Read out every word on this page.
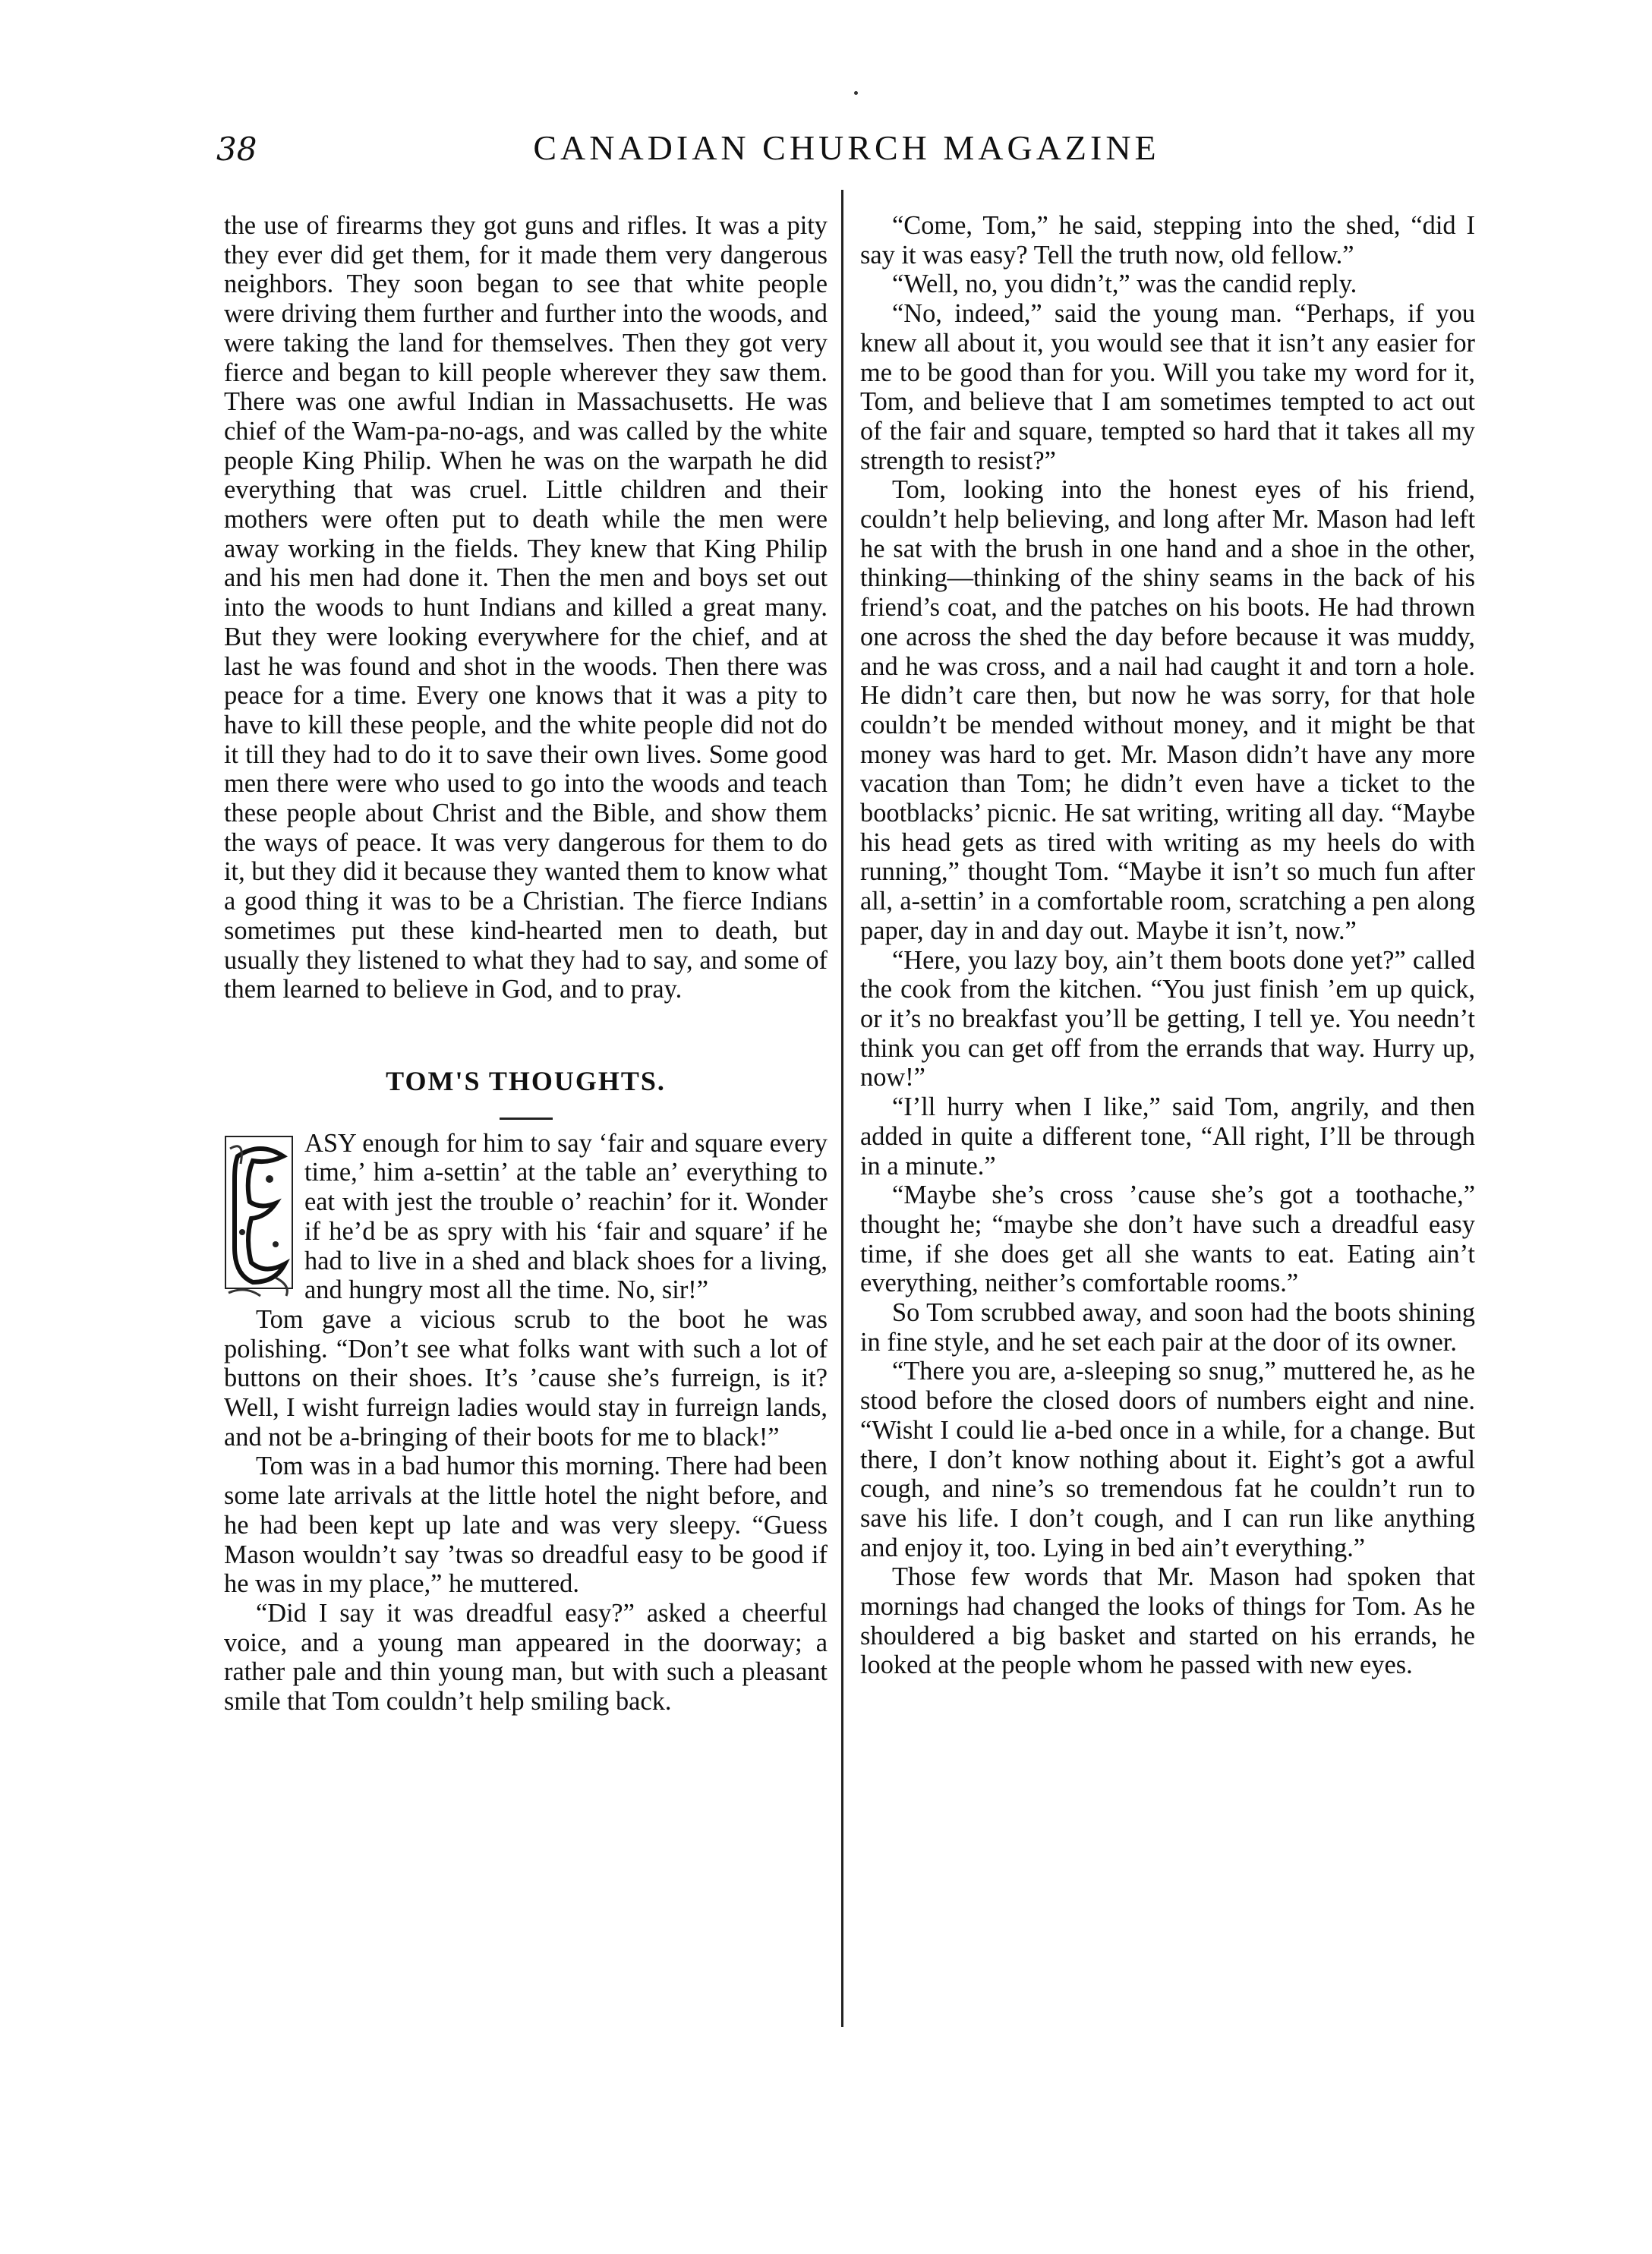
38	CANADIAN CHURCH MAGAZINE

the use of firearms they got guns and rifles. It was a pity they ever did get them, for it made them very dangerous neighbors. They soon began to see that white people were driving them further and further into the woods, and were taking the land for themselves. Then they got very fierce and began to kill people wherever they saw them. There was one awful Indian in Massachusetts. He was chief of the Wam-pa-no-ags, and was called by the white people King Philip. When he was on the warpath he did everything that was cruel. Little children and their mothers were often put to death while the men were away working in the fields. They knew that King Philip and his men had done it. Then the men and boys set out into the woods to hunt Indians and killed a great many. But they were looking everywhere for the chief, and at last he was found and shot in the woods. Then there was peace for a time. Every one knows that it was a pity to have to kill these people, and the white people did not do it till they had to do it to save their own lives. Some good men there were who used to go into the woods and teach these people about Christ and the Bible, and show them the ways of peace. It was very dangerous for them to do it, but they did it because they wanted them to know what a good thing it was to be a Christian. The fierce Indians sometimes put these kind-hearted men to death, but usually they listened to what they had to say, and some of them learned to believe in God, and to pray.

TOM'S THOUGHTS.

ASY enough for him to say ‘fair and square every time,’ him a-settin’ at the table an’ everything to eat with jest the trouble o’ reachin’ for it. Wonder if he’d be as spry with his ‘fair and square’ if he had to live in a shed and black shoes for a living, and hungry most all the time. No, sir!”

Tom gave a vicious scrub to the boot he was polishing. “Don’t see what folks want with such a lot of buttons on their shoes. It’s ’cause she’s furreign, is it? Well, I wisht furreign ladies would stay in furreign lands, and not be a-bringing of their boots for me to black!”

Tom was in a bad humor this morning. There had been some late arrivals at the little hotel the night before, and he had been kept up late and was very sleepy. “Guess Mason wouldn’t say ’twas so dreadful easy to be good if he was in my place,” he muttered.

“Did I say it was dreadful easy?” asked a cheerful voice, and a young man appeared in the doorway; a rather pale and thin young man, but with such a pleasant smile that Tom couldn’t help smiling back.

“Come, Tom,” he said, stepping into the shed, “did I say it was easy? Tell the truth now, old fellow.”

“Well, no, you didn’t,” was the candid reply.

“No, indeed,” said the young man. “Perhaps, if you knew all about it, you would see that it isn’t any easier for me to be good than for you. Will you take my word for it, Tom, and believe that I am sometimes tempted to act out of the fair and square, tempted so hard that it takes all my strength to resist?”

Tom, looking into the honest eyes of his friend, couldn’t help believing, and long after Mr. Mason had left he sat with the brush in one hand and a shoe in the other, thinking—thinking of the shiny seams in the back of his friend’s coat, and the patches on his boots. He had thrown one across the shed the day before because it was muddy, and he was cross, and a nail had caught it and torn a hole. He didn’t care then, but now he was sorry, for that hole couldn’t be mended without money, and it might be that money was hard to get. Mr. Mason didn’t have any more vacation than Tom; he didn’t even have a ticket to the bootblacks’ picnic. He sat writing, writing all day. “Maybe his head gets as tired with writing as my heels do with running,” thought Tom. “Maybe it isn’t so much fun after all, a-settin’ in a comfortable room, scratching a pen along paper, day in and day out. Maybe it isn’t, now.”

“Here, you lazy boy, ain’t them boots done yet?” called the cook from the kitchen. “You just finish ’em up quick, or it’s no breakfast you’ll be getting, I tell ye. You needn’t think you can get off from the errands that way. Hurry up, now!”

“I’ll hurry when I like,” said Tom, angrily, and then added in quite a different tone, “All right, I’ll be through in a minute.”

“Maybe she’s cross ’cause she’s got a toothache,” thought he; “maybe she don’t have such a dreadful easy time, if she does get all she wants to eat. Eating ain’t everything, neither’s comfortable rooms.”

So Tom scrubbed away, and soon had the boots shining in fine style, and he set each pair at the door of its owner.

“There you are, a-sleeping so snug,” muttered he, as he stood before the closed doors of numbers eight and nine. “Wisht I could lie a-bed once in a while, for a change. But there, I don’t know nothing about it. Eight’s got a awful cough, and nine’s so tremendous fat he couldn’t run to save his life. I don’t cough, and I can run like anything and enjoy it, too. Lying in bed ain’t everything.”

Those few words that Mr. Mason had spoken that mornings had changed the looks of things for Tom. As he shouldered a big basket and started on his errands, he looked at the people whom he passed with new eyes.
